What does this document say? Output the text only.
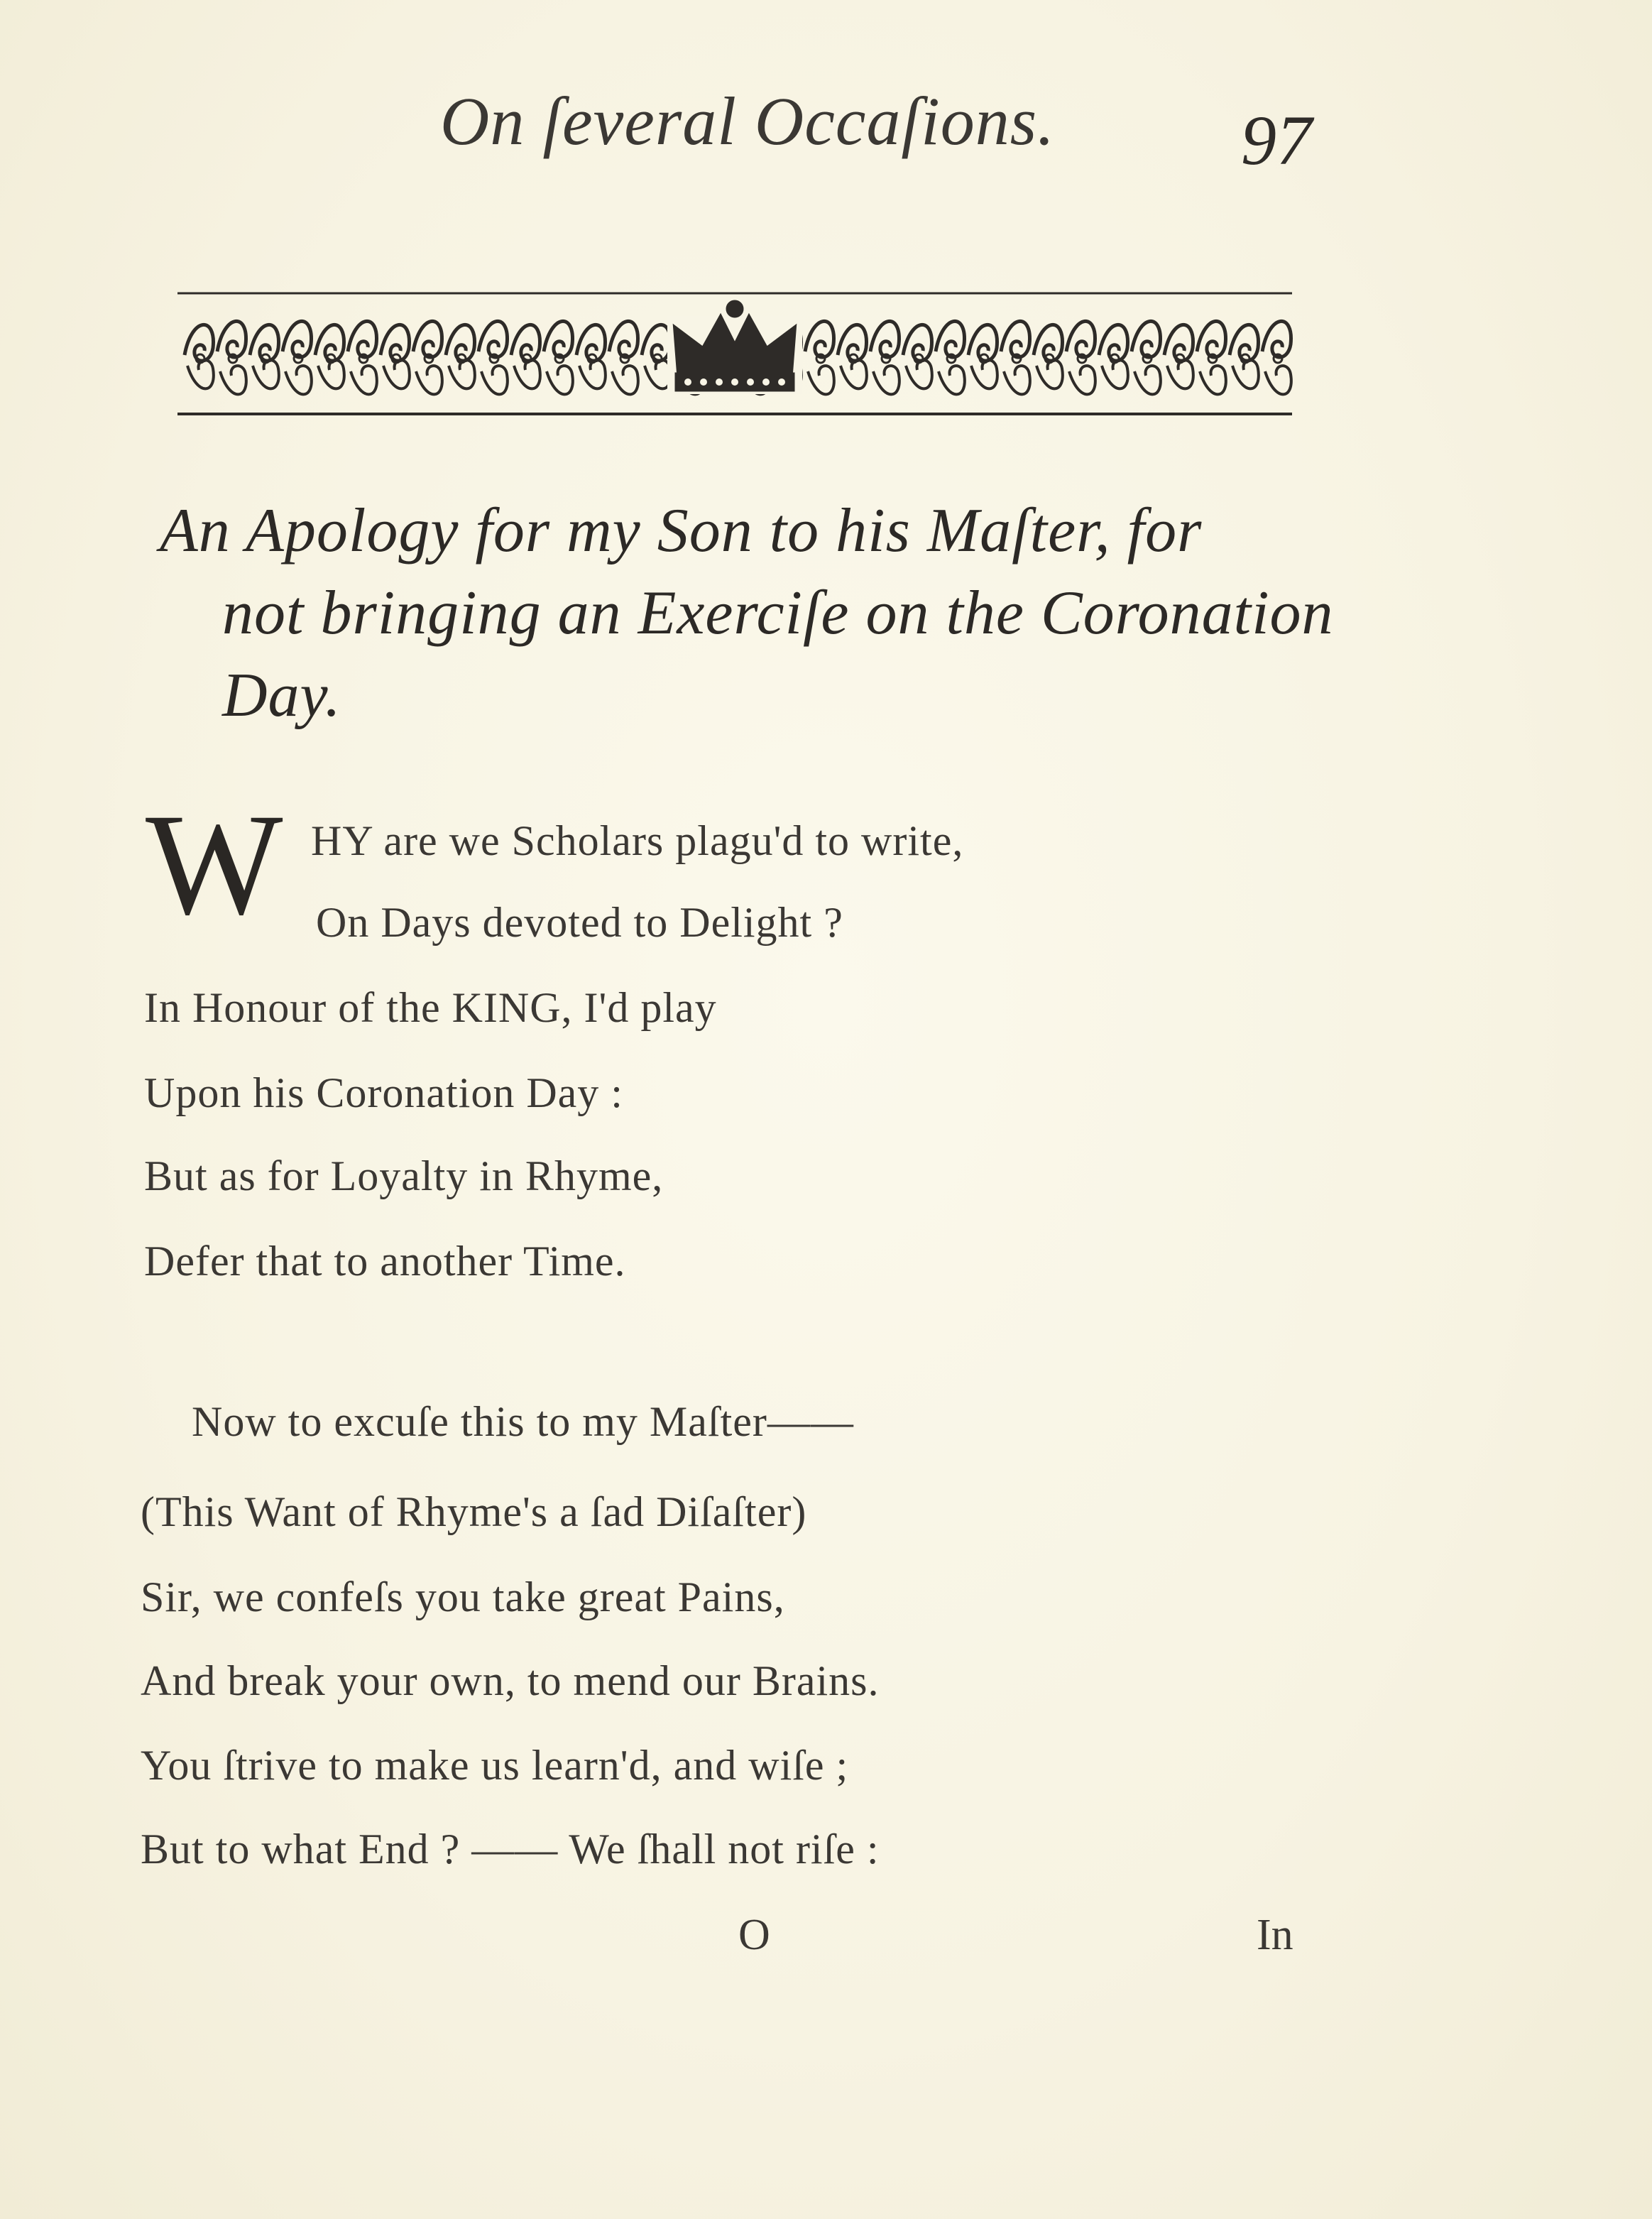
On ſeveral Occaſions.	97
An Apology for my Son to his Maſter, for
not bringing an Exerciſe on the Coronation
Day.
W HY are we Scholars plagu'd to write,
On Days devoted to Delight ?
In Honour of the KING, I'd play
Upon his Coronation Day :
But as for Loyalty in Rhyme,
Defer that to another Time.
Now to excuſe this to my Maſter——
(This Want of Rhyme's a ſad Diſaſter)
Sir, we confeſs you take great Pains,
And break your own, to mend our Brains.
You ſtrive to make us learn'd, and wiſe ;
But to what End ? —— We ſhall not riſe :
O	In
